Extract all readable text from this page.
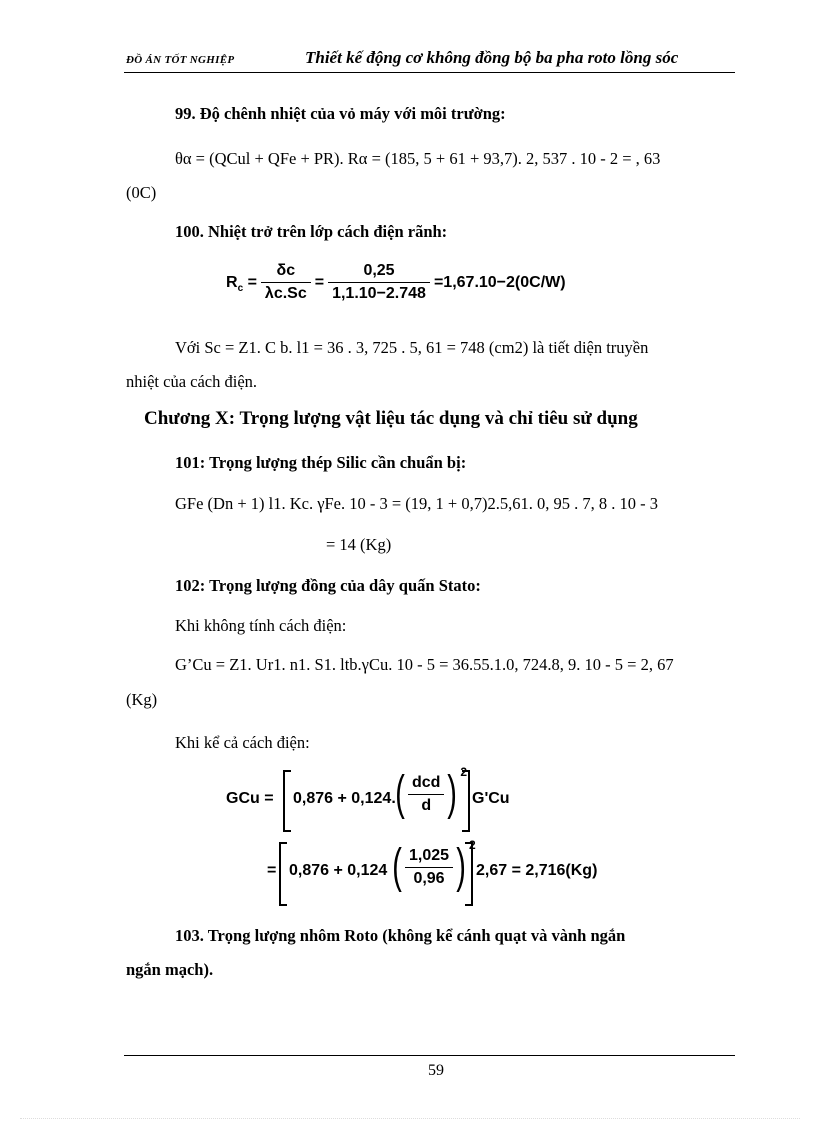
ĐỒ ÁN TỐT NGHIỆP	Thiết kế động cơ không đồng bộ ba pha roto lồng sóc
99. Độ chênh nhiệt của vỏ máy với môi trường:
θα = (QCul + QFe + PR). Rα = (185, 5 + 61 + 93,7). 2, 537 . 10 - 2 = , 63
(0C)
100. Nhiệt trở trên lớp cách điện rãnh:
$R_c = \frac{\delta c}{\lambda c.Sc} = \frac{0,25}{1,1.10-2.748} =1,67.10-2(0C/W)$
Với Sc = Z1. C b. l1 = 36 . 3, 725 . 5, 61 = 748 (cm2) là tiết diện truyền
nhiệt của cách điện.
Chương X: Trọng lượng vật liệu tác dụng và chỉ tiêu sử dụng
101: Trọng lượng thép Silic cần chuẩn bị:
GFe (Dn + 1) l1. Kc. γFe. 10 - 3 = (19, 1 + 0,7)2.5,61. 0, 95 . 7, 8 . 10 - 3
= 14 (Kg)
102: Trọng lượng đồng của dây quấn Stato:
Khi không tính cách điện:
G’Cu = Z1. Ur1. n1. S1. ltb.γCu. 10 - 5 = 36.55.1.0, 724.8, 9. 10 - 5 = 2, 67
(Kg)
Khi kể cả cách điện:
GCu = 0,876 + 0,124. ( $\frac{\text{dcd}}{d}$ ) 2
G'Cu
= 0,876 + 0,124 ( $\frac{1,025}{0,96}$ ) 2
2,67 = 2,716(Kg)
103. Trọng lượng nhôm Roto (không kể cánh quạt và vành ngắn
ngắn mạch).
59
